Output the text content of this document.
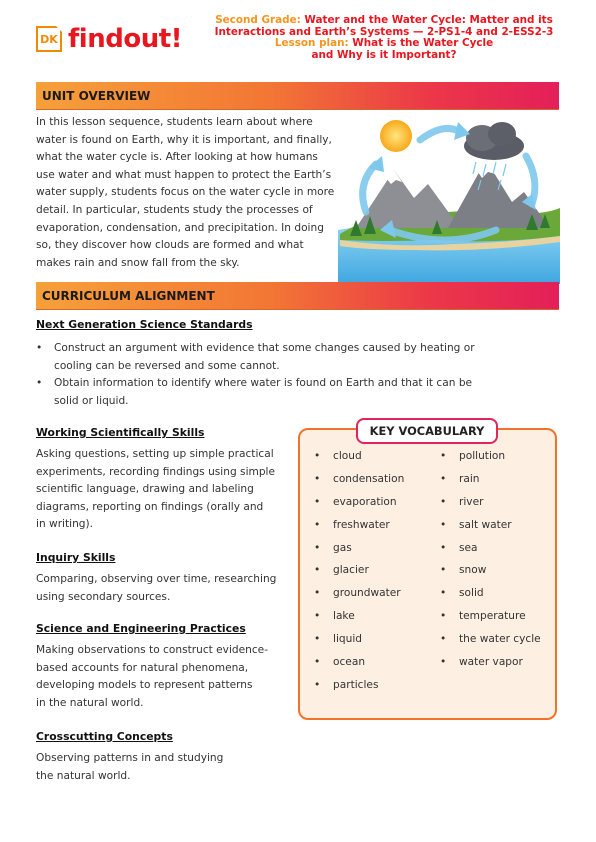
DK findout!
Second Grade: Water and the Water Cycle: Matter and its
Interactions and Earth’s Systems — 2-PS1-4 and 2-ESS2-3
Lesson plan: What is the Water Cycle
and Why is it Important?
UNIT OVERVIEW
In this lesson sequence, students learn about where
water is found on Earth, why it is important, and finally,
what the water cycle is. After looking at how humans
use water and what must happen to protect the Earth’s
water supply, students focus on the water cycle in more
detail. In particular, students study the processes of
evaporation, condensation, and precipitation. In doing
so, they discover how clouds are formed and what
makes rain and snow fall from the sky.
CURRICULUM ALIGNMENT
Next Generation Science Standards
• Construct an argument with evidence that some changes caused by heating or
cooling can be reversed and some cannot.
• Obtain information to identify where water is found on Earth and that it can be
solid or liquid.
Working Scientifically Skills
Asking questions, setting up simple practical
experiments, recording findings using simple
scientific language, drawing and labeling
diagrams, reporting on findings (orally and
in writing).
Inquiry Skills
Comparing, observing over time, researching
using secondary sources.
Science and Engineering Practices
Making observations to construct evidence-
based accounts for natural phenomena,
developing models to represent patterns
in the natural world.
Crosscutting Concepts
Observing patterns in and studying
the natural world.
KEY VOCABULARY
• cloud
• condensation
• evaporation
• freshwater
• gas
• glacier
• groundwater
• lake
• liquid
• ocean
• particles
• pollution
• rain
• river
• salt water
• sea
• snow
• solid
• temperature
• the water cycle
• water vapor
